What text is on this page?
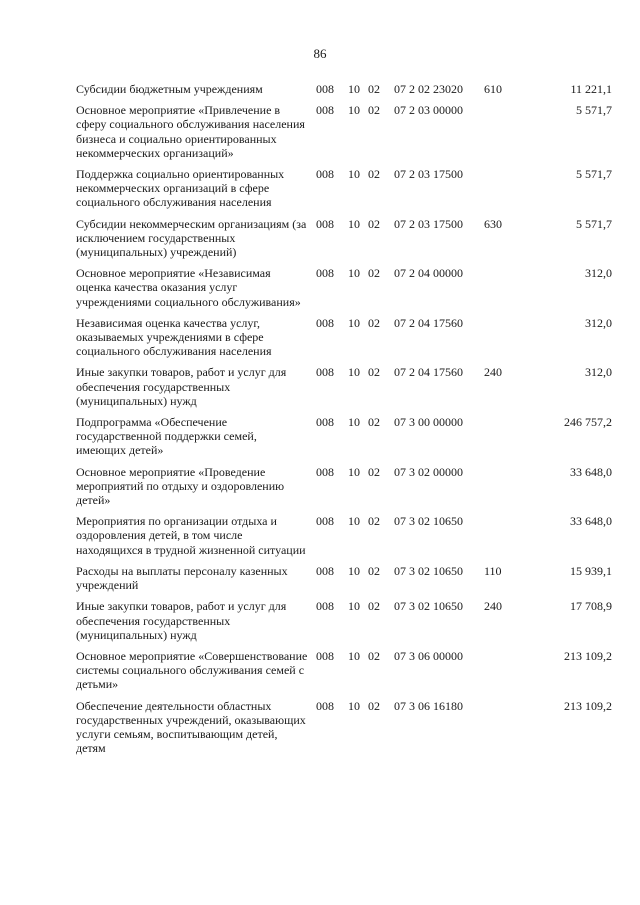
86
Субсидии бюджетным учреждениям	008	10	02	07 2 02 23020	610	11 221,1
Основное мероприятие «Привлечение в сферу социального обслуживания населения бизнеса и социально ориентированных некоммерческих организаций»	008	10	02	07 2 03 00000		5 571,7
Поддержка социально ориентированных некоммерческих организаций в сфере социального обслуживания населения	008	10	02	07 2 03 17500		5 571,7
Субсидии некоммерческим организациям (за исключением государственных (муниципальных) учреждений)	008	10	02	07 2 03 17500	630	5 571,7
Основное мероприятие «Независимая оценка качества оказания услуг учреждениями социального обслуживания»	008	10	02	07 2 04 00000		312,0
Независимая оценка качества услуг, оказываемых учреждениями в сфере социального обслуживания населения	008	10	02	07 2 04 17560		312,0
Иные закупки товаров, работ и услуг для обеспечения государственных (муниципальных) нужд	008	10	02	07 2 04 17560	240	312,0
Подпрограмма «Обеспечение государственной поддержки семей, имеющих детей»	008	10	02	07 3 00 00000		246 757,2
Основное мероприятие «Проведение мероприятий по отдыху и оздоровлению детей»	008	10	02	07 3 02 00000		33 648,0
Мероприятия по организации отдыха и оздоровления детей, в том числе находящихся в трудной жизненной ситуации	008	10	02	07 3 02 10650		33 648,0
Расходы на выплаты персоналу казенных учреждений	008	10	02	07 3 02 10650	110	15 939,1
Иные закупки товаров, работ и услуг для обеспечения государственных (муниципальных) нужд	008	10	02	07 3 02 10650	240	17 708,9
Основное мероприятие «Совершенствование системы социального обслуживания семей с детьми»	008	10	02	07 3 06 00000		213 109,2
Обеспечение деятельности областных государственных учреждений, оказывающих услуги семьям, воспитывающим детей, детям	008	10	02	07 3 06 16180		213 109,2
